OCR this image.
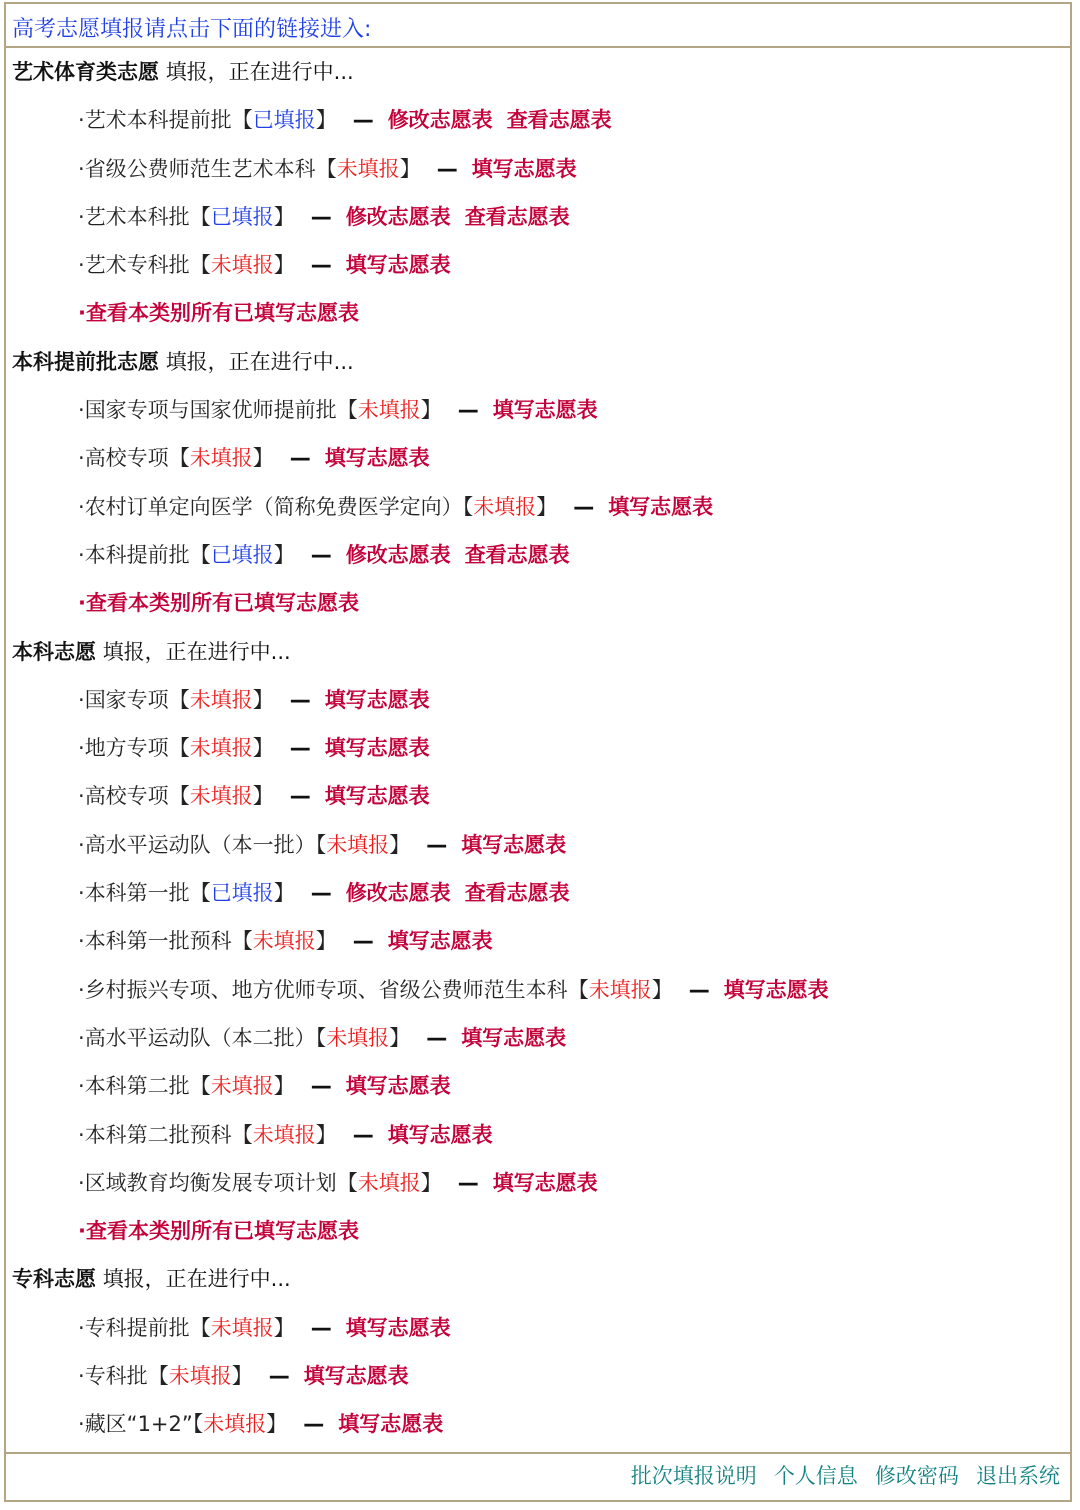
高考志愿填报请点击下面的链接进入:
艺术体育类志愿 填报，正在进行中...
·艺术本科提前批【已填报】 — 修改志愿表 查看志愿表
·省级公费师范生艺术本科【未填报】 — 填写志愿表
·艺术本科批【已填报】 — 修改志愿表 查看志愿表
·艺术专科批【未填报】 — 填写志愿表
·查看本类别所有已填写志愿表
本科提前批志愿 填报，正在进行中...
·国家专项与国家优师提前批【未填报】 — 填写志愿表
·高校专项【未填报】 — 填写志愿表
·农村订单定向医学（简称免费医学定向）【未填报】 — 填写志愿表
·本科提前批【已填报】 — 修改志愿表 查看志愿表
·查看本类别所有已填写志愿表
本科志愿 填报，正在进行中...
·国家专项【未填报】 — 填写志愿表
·地方专项【未填报】 — 填写志愿表
·高校专项【未填报】 — 填写志愿表
·高水平运动队（本一批）【未填报】 — 填写志愿表
·本科第一批【已填报】 — 修改志愿表 查看志愿表
·本科第一批预科【未填报】 — 填写志愿表
·乡村振兴专项、地方优师专项、省级公费师范生本科【未填报】 — 填写志愿表
·高水平运动队（本二批）【未填报】 — 填写志愿表
·本科第二批【未填报】 — 填写志愿表
·本科第二批预科【未填报】 — 填写志愿表
·区域教育均衡发展专项计划【未填报】 — 填写志愿表
·查看本类别所有已填写志愿表
专科志愿 填报，正在进行中...
·专科提前批【未填报】 — 填写志愿表
·专科批【未填报】 — 填写志愿表
·藏区“1+2”【未填报】 — 填写志愿表
批次填报说明 个人信息 修改密码 退出系统
